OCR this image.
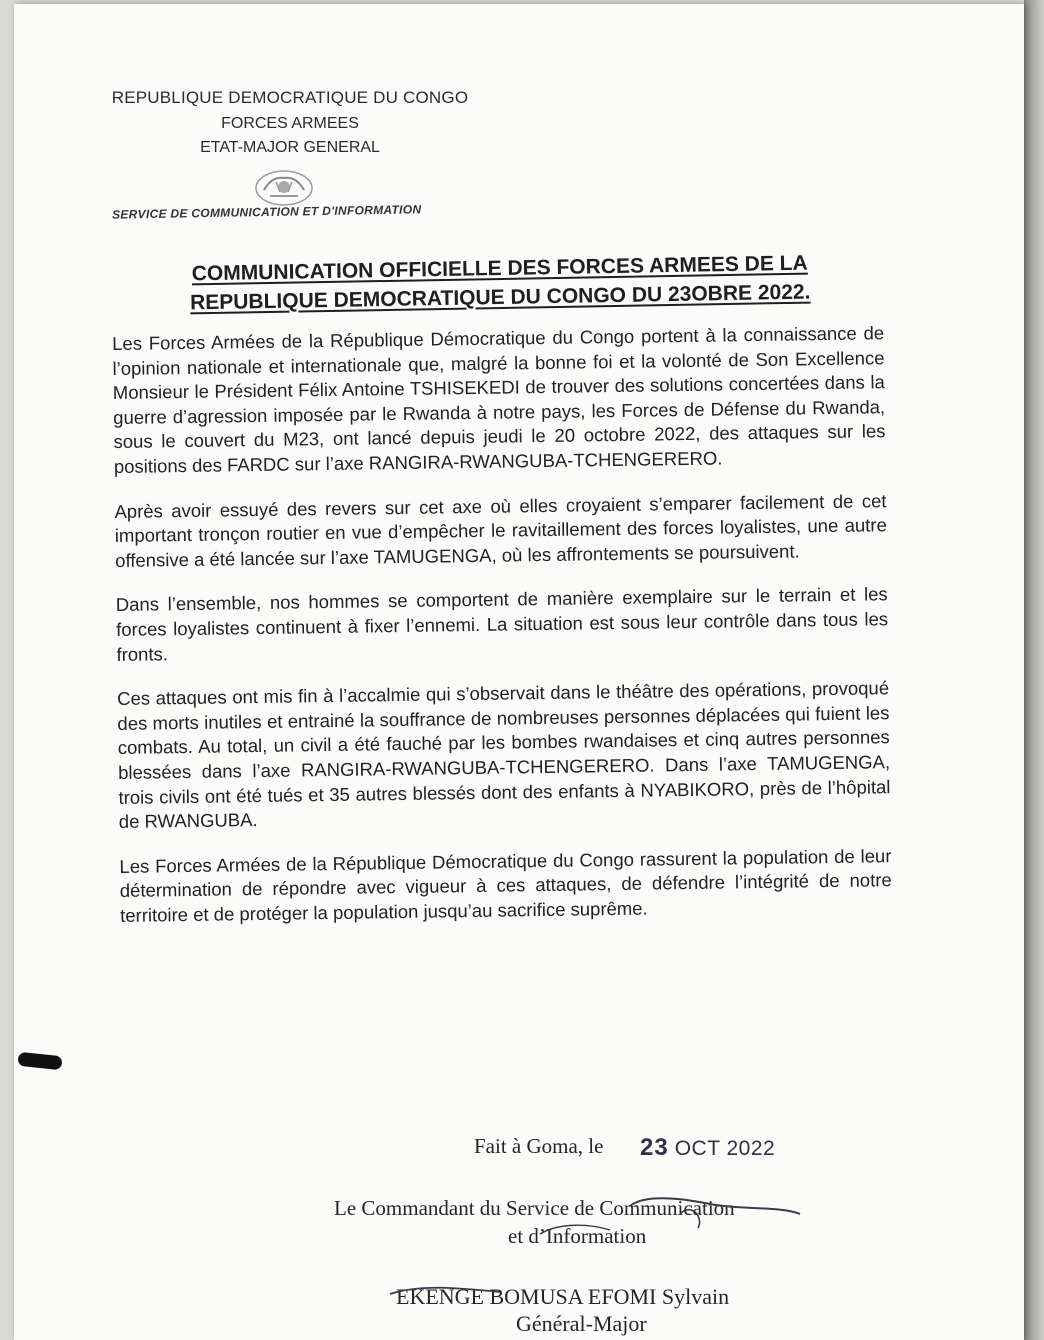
REPUBLIQUE DEMOCRATIQUE DU CONGO
FORCES ARMEES
ETAT-MAJOR GENERAL
SERVICE DE COMMUNICATION ET D'INFORMATION
COMMUNICATION OFFICIELLE DES FORCES ARMEES DE LA
REPUBLIQUE DEMOCRATIQUE DU CONGO DU 23OBRE 2022.

Les Forces Armées de la République Démocratique du Congo portent à la connaissance de l’opinion nationale et internationale que, malgré la bonne foi et la volonté de Son Excellence Monsieur le Président Félix Antoine TSHISEKEDI de trouver des solutions concertées dans la guerre d’agression imposée par le Rwanda à notre pays, les Forces de Défense du Rwanda, sous le couvert du M23, ont lancé depuis jeudi le 20 octobre 2022, des attaques sur les positions des FARDC sur l’axe RANGIRA-RWANGUBA-TCHENGERERO.

Après avoir essuyé des revers sur cet axe où elles croyaient s’emparer facilement de cet important tronçon routier en vue d’empêcher le ravitaillement des forces loyalistes, une autre offensive a été lancée sur l’axe TAMUGENGA, où les affrontements se poursuivent.

Dans l’ensemble, nos hommes se comportent de manière exemplaire sur le terrain et les forces loyalistes continuent à fixer l’ennemi. La situation est sous leur contrôle dans tous les fronts.

Ces attaques ont mis fin à l’accalmie qui s’observait dans le théâtre des opérations, provoqué des morts inutiles et entrainé la souffrance de nombreuses personnes déplacées qui fuient les combats. Au total, un civil a été fauché par les bombes rwandaises et cinq autres personnes blessées dans l’axe RANGIRA-RWANGUBA-TCHENGERERO. Dans l’axe TAMUGENGA, trois civils ont été tués et 35 autres blessés dont des enfants à NYABIKORO, près de l’hôpital de RWANGUBA.

Les Forces Armées de la République Démocratique du Congo rassurent la population de leur détermination de répondre avec vigueur à ces attaques, de défendre l’intégrité de notre territoire et de protéger la population jusqu’au sacrifice suprême.

Fait à Goma, le 23 OCT 2022
Le Commandant du Service de Communication
et d’Information
EKENGE BOMUSA EFOMI Sylvain
Général-Major
